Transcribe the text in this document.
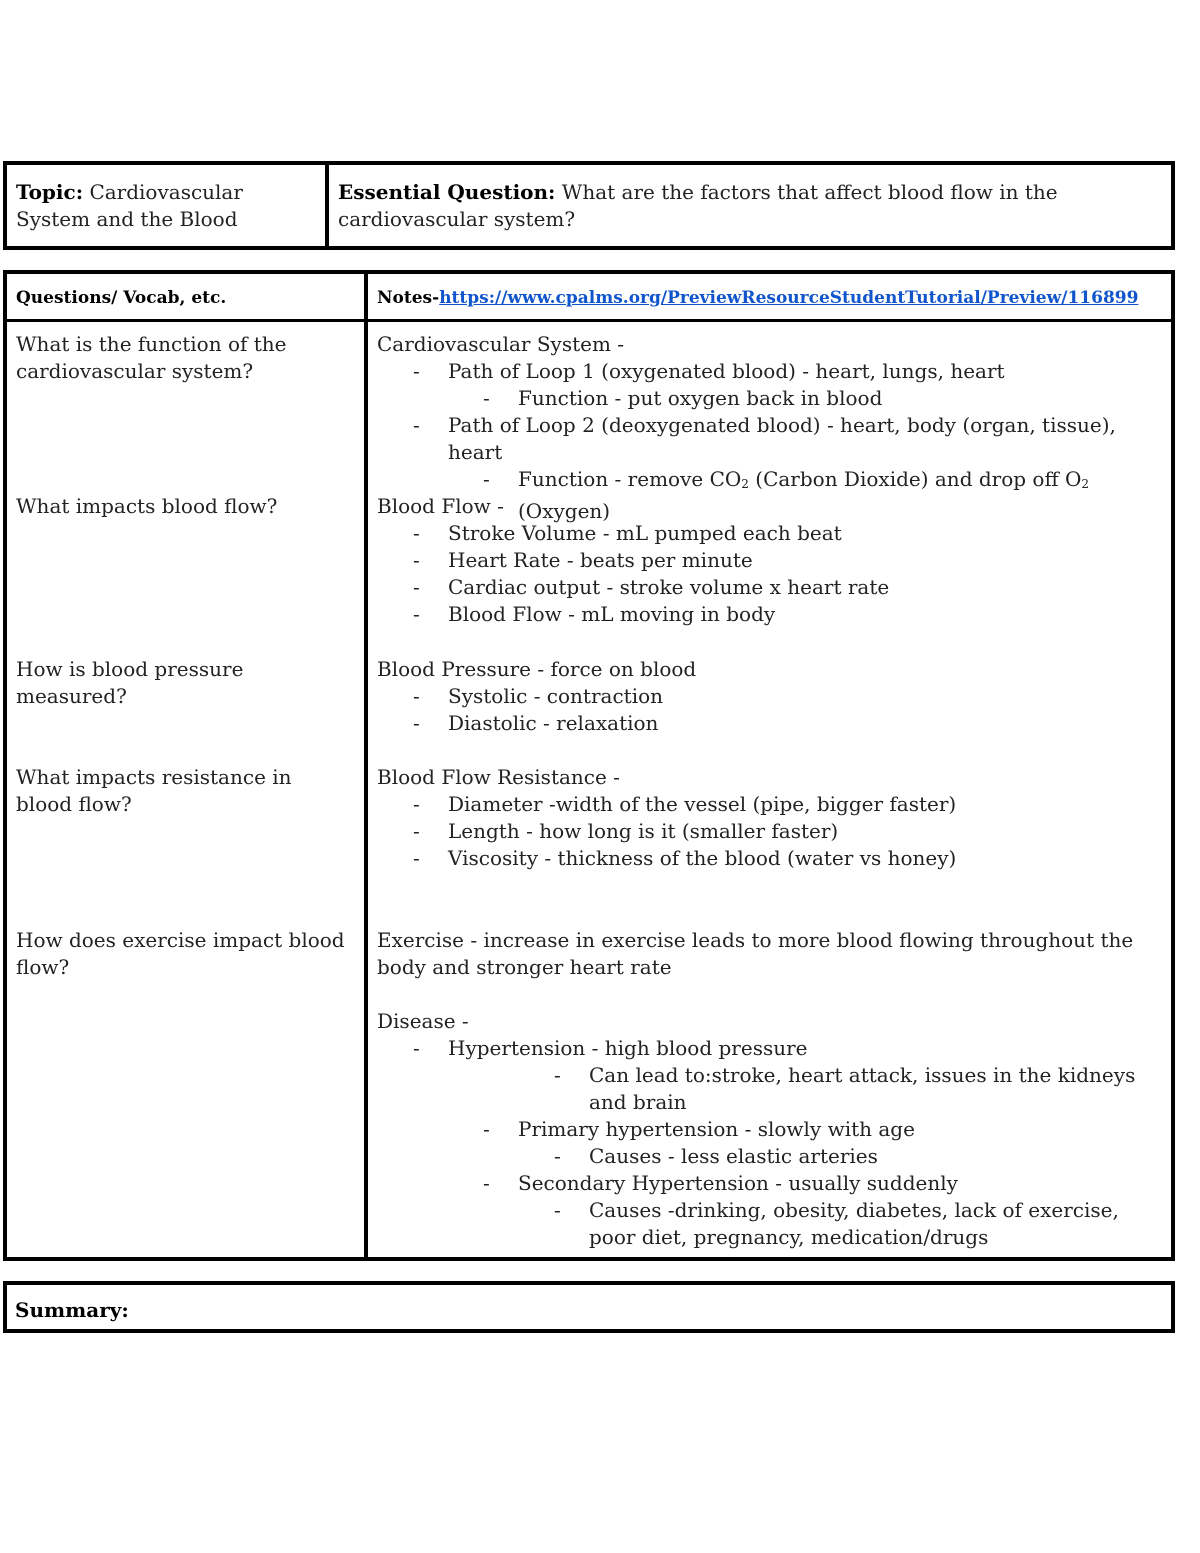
Topic: Cardiovascular System and the Blood
Essential Question: What are the factors that affect blood flow in the cardiovascular system?
Questions/ Vocab, etc.	Notes-https://www.cpalms.org/PreviewResourceStudentTutorial/Preview/116899
What is the function of the cardiovascular system?
What impacts blood flow?
How is blood pressure measured?
What impacts resistance in blood flow?
How does exercise impact blood flow?
Cardiovascular System -
- Path of Loop 1 (oxygenated blood) - heart, lungs, heart
- Function - put oxygen back in blood
- Path of Loop 2 (deoxygenated blood) - heart, body (organ, tissue), heart
- Function - remove $CO_2$ (Carbon Dioxide) and drop off $O_2$ (Oxygen)
Blood Flow -
- Stroke Volume - mL pumped each beat
- Heart Rate - beats per minute
- Cardiac output - stroke volume x heart rate
- Blood Flow - mL moving in body
Blood Pressure - force on blood
- Systolic - contraction
- Diastolic - relaxation
Blood Flow Resistance -
- Diameter -width of the vessel (pipe, bigger faster)
- Length - how long is it (smaller faster)
- Viscosity - thickness of the blood (water vs honey)
Exercise - increase in exercise leads to more blood flowing throughout the body and stronger heart rate
Disease -
- Hypertension - high blood pressure
- Can lead to:stroke, heart attack, issues in the kidneys and brain
- Primary hypertension - slowly with age
- Causes - less elastic arteries
- Secondary Hypertension - usually suddenly
- Causes -drinking, obesity, diabetes, lack of exercise, poor diet, pregnancy, medication/drugs
Summary:
